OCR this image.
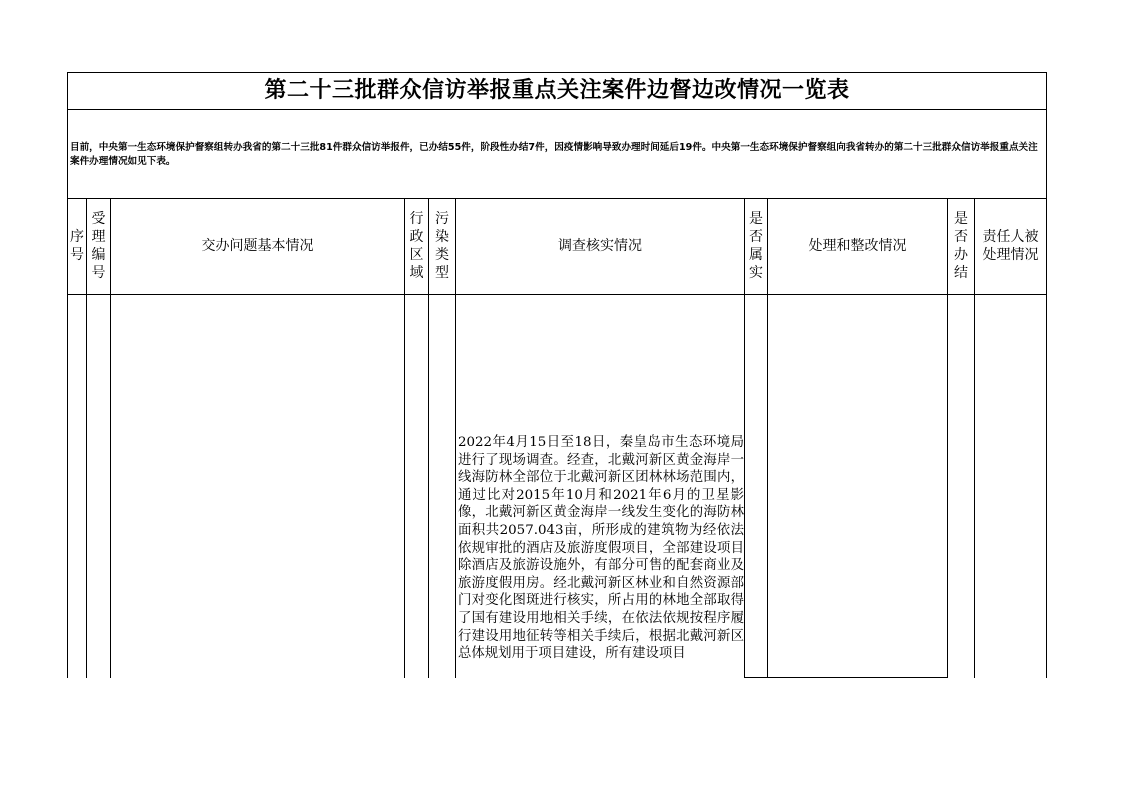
第二十三批群众信访举报重点关注案件边督边改情况一览表
目前，中央第一生态环境保护督察组转办我省的第二十三批81件群众信访举报件，已办结55件，阶段性办结7件，因疫情影响导致办理时间延后19件。中央第一生态环境保护督察组向我省转办的第二十三批群众信访举报重点关注案件办理情况如见下表。
序号
受理编号
交办问题基本情况
行政区域
污染类型
调查核实情况
是否属实
处理和整改情况
是否办结
责任人被处理情况
2022年4月15日至18日，秦皇岛市生态环境局进行了现场调查。经查，北戴河新区黄金海岸一线海防林全部位于北戴河新区团林林场范围内，通过比对2015年10月和2021年6月的卫星影像，北戴河新区黄金海岸一线发生变化的海防林面积共2057.043亩，所形成的建筑物为经依法依规审批的酒店及旅游度假项目，全部建设项目除酒店及旅游设施外，有部分可售的配套商业及旅游度假用房。经北戴河新区林业和自然资源部门对变化图斑进行核实，所占用的林地全部取得了国有建设用地相关手续，在依法依规按程序履行建设用地征转等相关手续后，根据北戴河新区总体规划用于项目建设，所有建设项目
